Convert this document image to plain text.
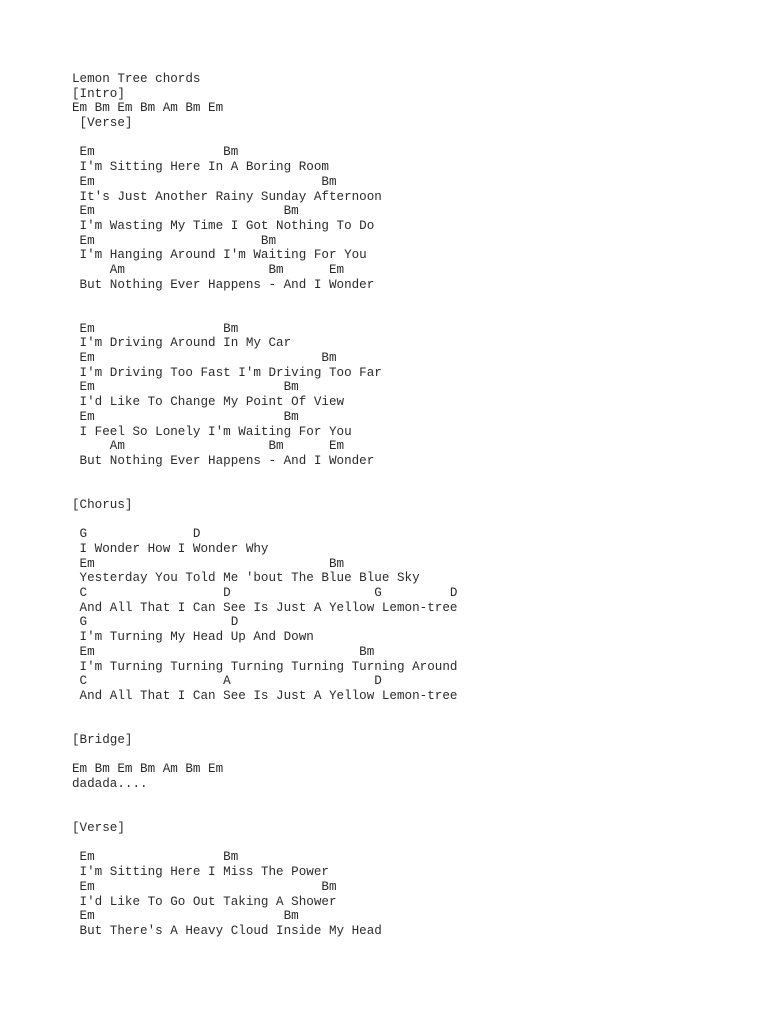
Lemon Tree chords
[Intro]
Em Bm Em Bm Am Bm Em
[Verse]
Em                 Bm
I'm Sitting Here In A Boring Room
Em                              Bm
It's Just Another Rainy Sunday Afternoon
Em                         Bm
I'm Wasting My Time I Got Nothing To Do
Em                      Bm
I'm Hanging Around I'm Waiting For You
Am                   Bm      Em
But Nothing Ever Happens - And I Wonder
Em                 Bm
I'm Driving Around In My Car
Em                              Bm
I'm Driving Too Fast I'm Driving Too Far
Em                         Bm
I'd Like To Change My Point Of View
Em                         Bm
I Feel So Lonely I'm Waiting For You
Am                   Bm      Em
But Nothing Ever Happens - And I Wonder
[Chorus]
G              D
I Wonder How I Wonder Why
Em                               Bm
Yesterday You Told Me 'bout The Blue Blue Sky
C                  D                   G         D
And All That I Can See Is Just A Yellow Lemon-tree
G                   D
I'm Turning My Head Up And Down
Em                                   Bm
I'm Turning Turning Turning Turning Turning Around
C                  A                   D
And All That I Can See Is Just A Yellow Lemon-tree
[Bridge]
Em Bm Em Bm Am Bm Em
dadada....
[Verse]
Em                 Bm
I'm Sitting Here I Miss The Power
Em                              Bm
I'd Like To Go Out Taking A Shower
Em                         Bm
But There's A Heavy Cloud Inside My Head
